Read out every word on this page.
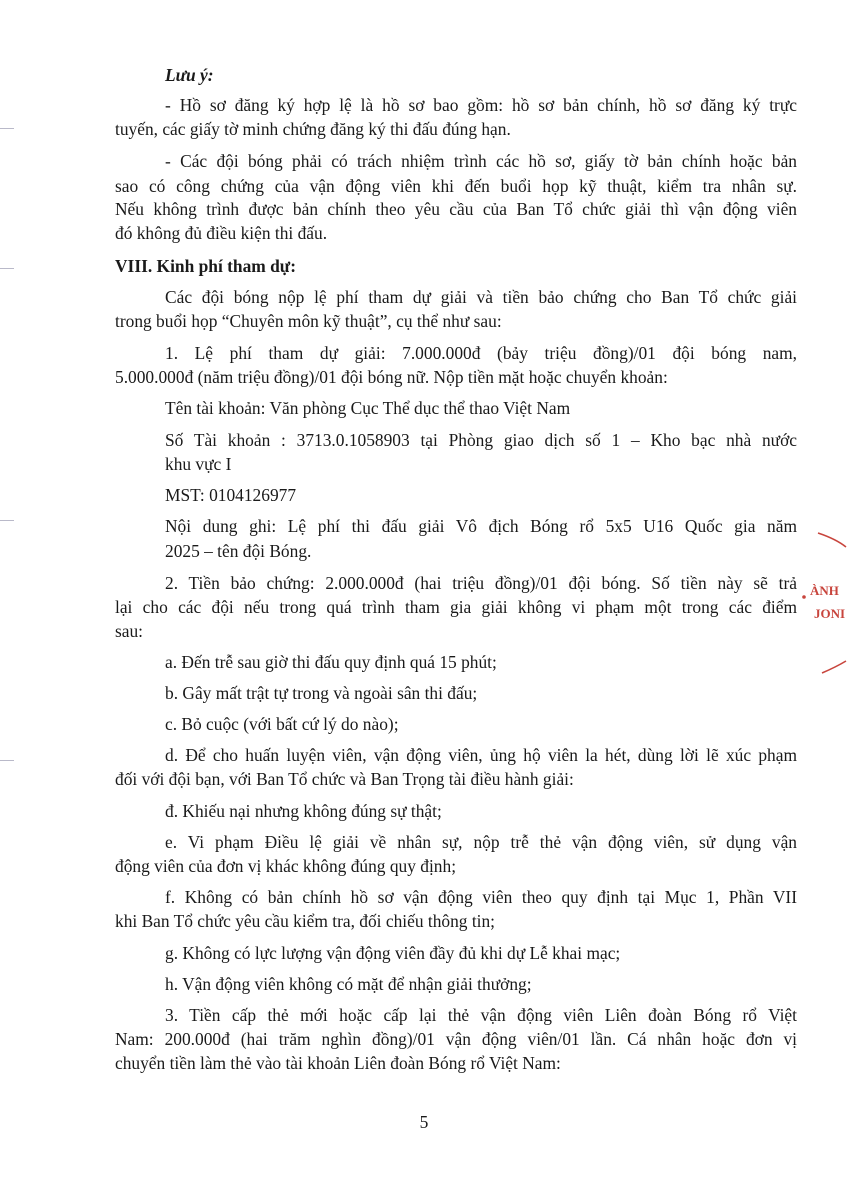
Lưu ý:
- Hồ sơ đăng ký hợp lệ là hồ sơ bao gồm: hồ sơ bản chính, hồ sơ đăng ký trực
tuyến, các giấy tờ minh chứng đăng ký thi đấu đúng hạn.
- Các đội bóng phải có trách nhiệm trình các hồ sơ, giấy tờ bản chính hoặc bản
sao có công chứng của vận động viên khi đến buổi họp kỹ thuật, kiểm tra nhân sự.
Nếu không trình được bản chính theo yêu cầu của Ban Tổ chức giải thì vận động viên
đó không đủ điều kiện thi đấu.
VIII. Kinh phí tham dự:
Các đội bóng nộp lệ phí tham dự giải và tiền bảo chứng cho Ban Tổ chức giải
trong buổi họp “Chuyên môn kỹ thuật”, cụ thể như sau:
1. Lệ phí tham dự giải: 7.000.000đ (bảy triệu đồng)/01 đội bóng nam,
5.000.000đ (năm triệu đồng)/01 đội bóng nữ. Nộp tiền mặt hoặc chuyển khoản:
Tên tài khoản: Văn phòng Cục Thể dục thể thao Việt Nam
Số Tài khoản : 3713.0.1058903 tại Phòng giao dịch số 1 – Kho bạc nhà nước
khu vực I
MST: 0104126977
Nội dung ghi: Lệ phí thi đấu giải Vô địch Bóng rổ 5x5 U16 Quốc gia năm
2025 – tên đội Bóng.
2. Tiền bảo chứng: 2.000.000đ (hai triệu đồng)/01 đội bóng. Số tiền này sẽ trả
lại cho các đội nếu trong quá trình tham gia giải không vi phạm một trong các điểm
sau:
a. Đến trễ sau giờ thi đấu quy định quá 15 phút;
b. Gây mất trật tự trong và ngoài sân thi đấu;
c. Bỏ cuộc (với bất cứ lý do nào);
d. Để cho huấn luyện viên, vận động viên, ủng hộ viên la hét, dùng lời lẽ xúc phạm
đối với đội bạn, với Ban Tổ chức và Ban Trọng tài điều hành giải:
đ. Khiếu nại nhưng không đúng sự thật;
e. Vi phạm Điều lệ giải về nhân sự, nộp trễ thẻ vận động viên, sử dụng vận
động viên của đơn vị khác không đúng quy định;
f. Không có bản chính hồ sơ vận động viên theo quy định tại Mục 1, Phần VII
khi Ban Tổ chức yêu cầu kiểm tra, đối chiếu thông tin;
g. Không có lực lượng vận động viên đầy đủ khi dự Lễ khai mạc;
h. Vận động viên không có mặt để nhận giải thưởng;
3. Tiền cấp thẻ mới hoặc cấp lại thẻ vận động viên Liên đoàn Bóng rổ Việt
Nam: 200.000đ (hai trăm nghìn đồng)/01 vận động viên/01 lần. Cá nhân hoặc đơn vị
chuyển tiền làm thẻ vào tài khoản Liên đoàn Bóng rổ Việt Nam:
ÀNH
JONI
5
